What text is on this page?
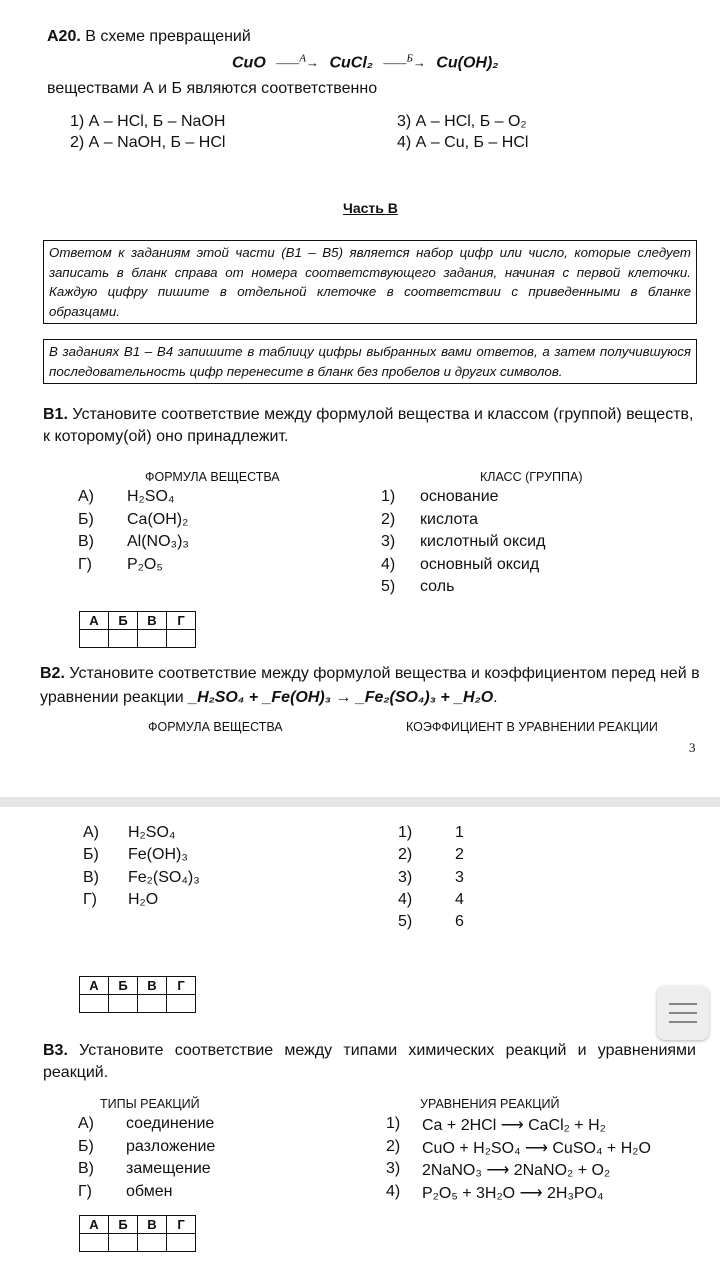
A20. В схеме превращений
CuO ——$^А$→ CuCl₂ ——$^Б$→ Cu(OH)₂
веществами А и Б являются соответственно
1) А – HCl, Б – NaOH
2) А – NaOH, Б – HCl
3) А – HCl, Б – O₂
4) А – Cu, Б – HCl
Часть В
Ответом к заданиям этой части (В1 – В5) является набор цифр или число, которые следует записать в бланк справа от номера соответствующего задания, начиная с первой клеточки. Каждую цифру пишите в отдельной клеточке в соответствии с приведенными в бланке образцами.
В заданиях В1 – В4 запишите в таблицу цифры выбранных вами ответов, а затем получившуюся последовательность цифр перенесите в бланк без пробелов и других символов.
В1. Установите соответствие между формулой вещества и классом (группой) веществ, к которому(ой) оно принадлежит.
ФОРМУЛА ВЕЩЕСТВА	КЛАСС (ГРУППА)
А) H₂SO₄
Б) Ca(OH)₂
В) Al(NO₃)₃
Г) P₂O₅
1) основание
2) кислота
3) кислотный оксид
4) основный оксид
5) соль
А	Б	В	Г

В2. Установите соответствие между формулой вещества и коэффициентом перед ней в
уравнении реакции _H₂SO₄ + _Fe(OH)₃ → _Fe₂(SO₄)₃ + _H₂O.
ФОРМУЛА ВЕЩЕСТВА	КОЭФФИЦИЕНТ В УРАВНЕНИИ РЕАКЦИИ
3
А) H₂SO₄
Б) Fe(OH)₃
В) Fe₂(SO₄)₃
Г) H₂O
1)	1
2)	2
3)	3
4)	4
5)	6
А	Б	В	Г

В3. Установите соответствие между типами химических реакций и уравнениями реакций.
ТИПЫ РЕАКЦИЙ	УРАВНЕНИЯ РЕАКЦИЙ
А) соединение
Б) разложение
В) замещение
Г) обмен
1) Ca + 2HCl ⟶ CaCl₂ + H₂
2) CuO + H₂SO₄ ⟶ CuSO₄ + H₂O
3) 2NaNO₃ ⟶ 2NaNO₂ + O₂
4) P₂O₅ + 3H₂O ⟶ 2H₃PO₄
А	Б	В	Г
